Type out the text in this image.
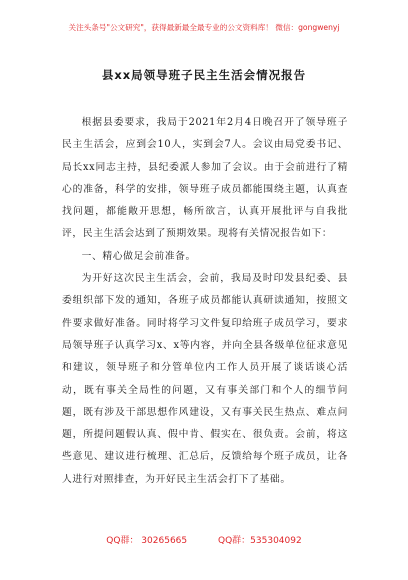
关注头条号"公文研究"，获得最新最全最专业的公文资料库！ 微信：gongwenyj
县xx局领导班子民主生活会情况报告

根据县委要求，我局于2021年2月4日晚召开了领导班子民主生活会，应到会10人，实到会7人。会议由局党委书记、局长xx同志主持，县纪委派人参加了会议。由于会前进行了精心的准备，科学的安排，领导班子成员都能围绕主题，认真查找问题，都能敞开思想，畅所欲言，认真开展批评与自我批评，民主生活会达到了预期效果。现将有关情况报告如下：

一、精心做足会前准备。

为开好这次民主生活会，会前，我局及时印发县纪委、县委组织部下发的通知，各班子成员都能认真研读通知，按照文件要求做好准备。同时将学习文件复印给班子成员学习，要求局领导班子认真学习x、x等内容，并向全县各级单位征求意见和建议，领导班子和分管单位内工作人员开展了谈话谈心活动，既有事关全局性的问题，又有事关部门和个人的细节问题，既有涉及干部思想作风建设，又有事关民生热点、难点问题，所提问题假认真、假中肯、假实在、很负责。会前，将这些意见、建议进行梳理、汇总后，反馈给每个班子成员，让各人进行对照排查，为开好民主生活会打下了基础。

QQ群： 30265665	QQ群：535304092
